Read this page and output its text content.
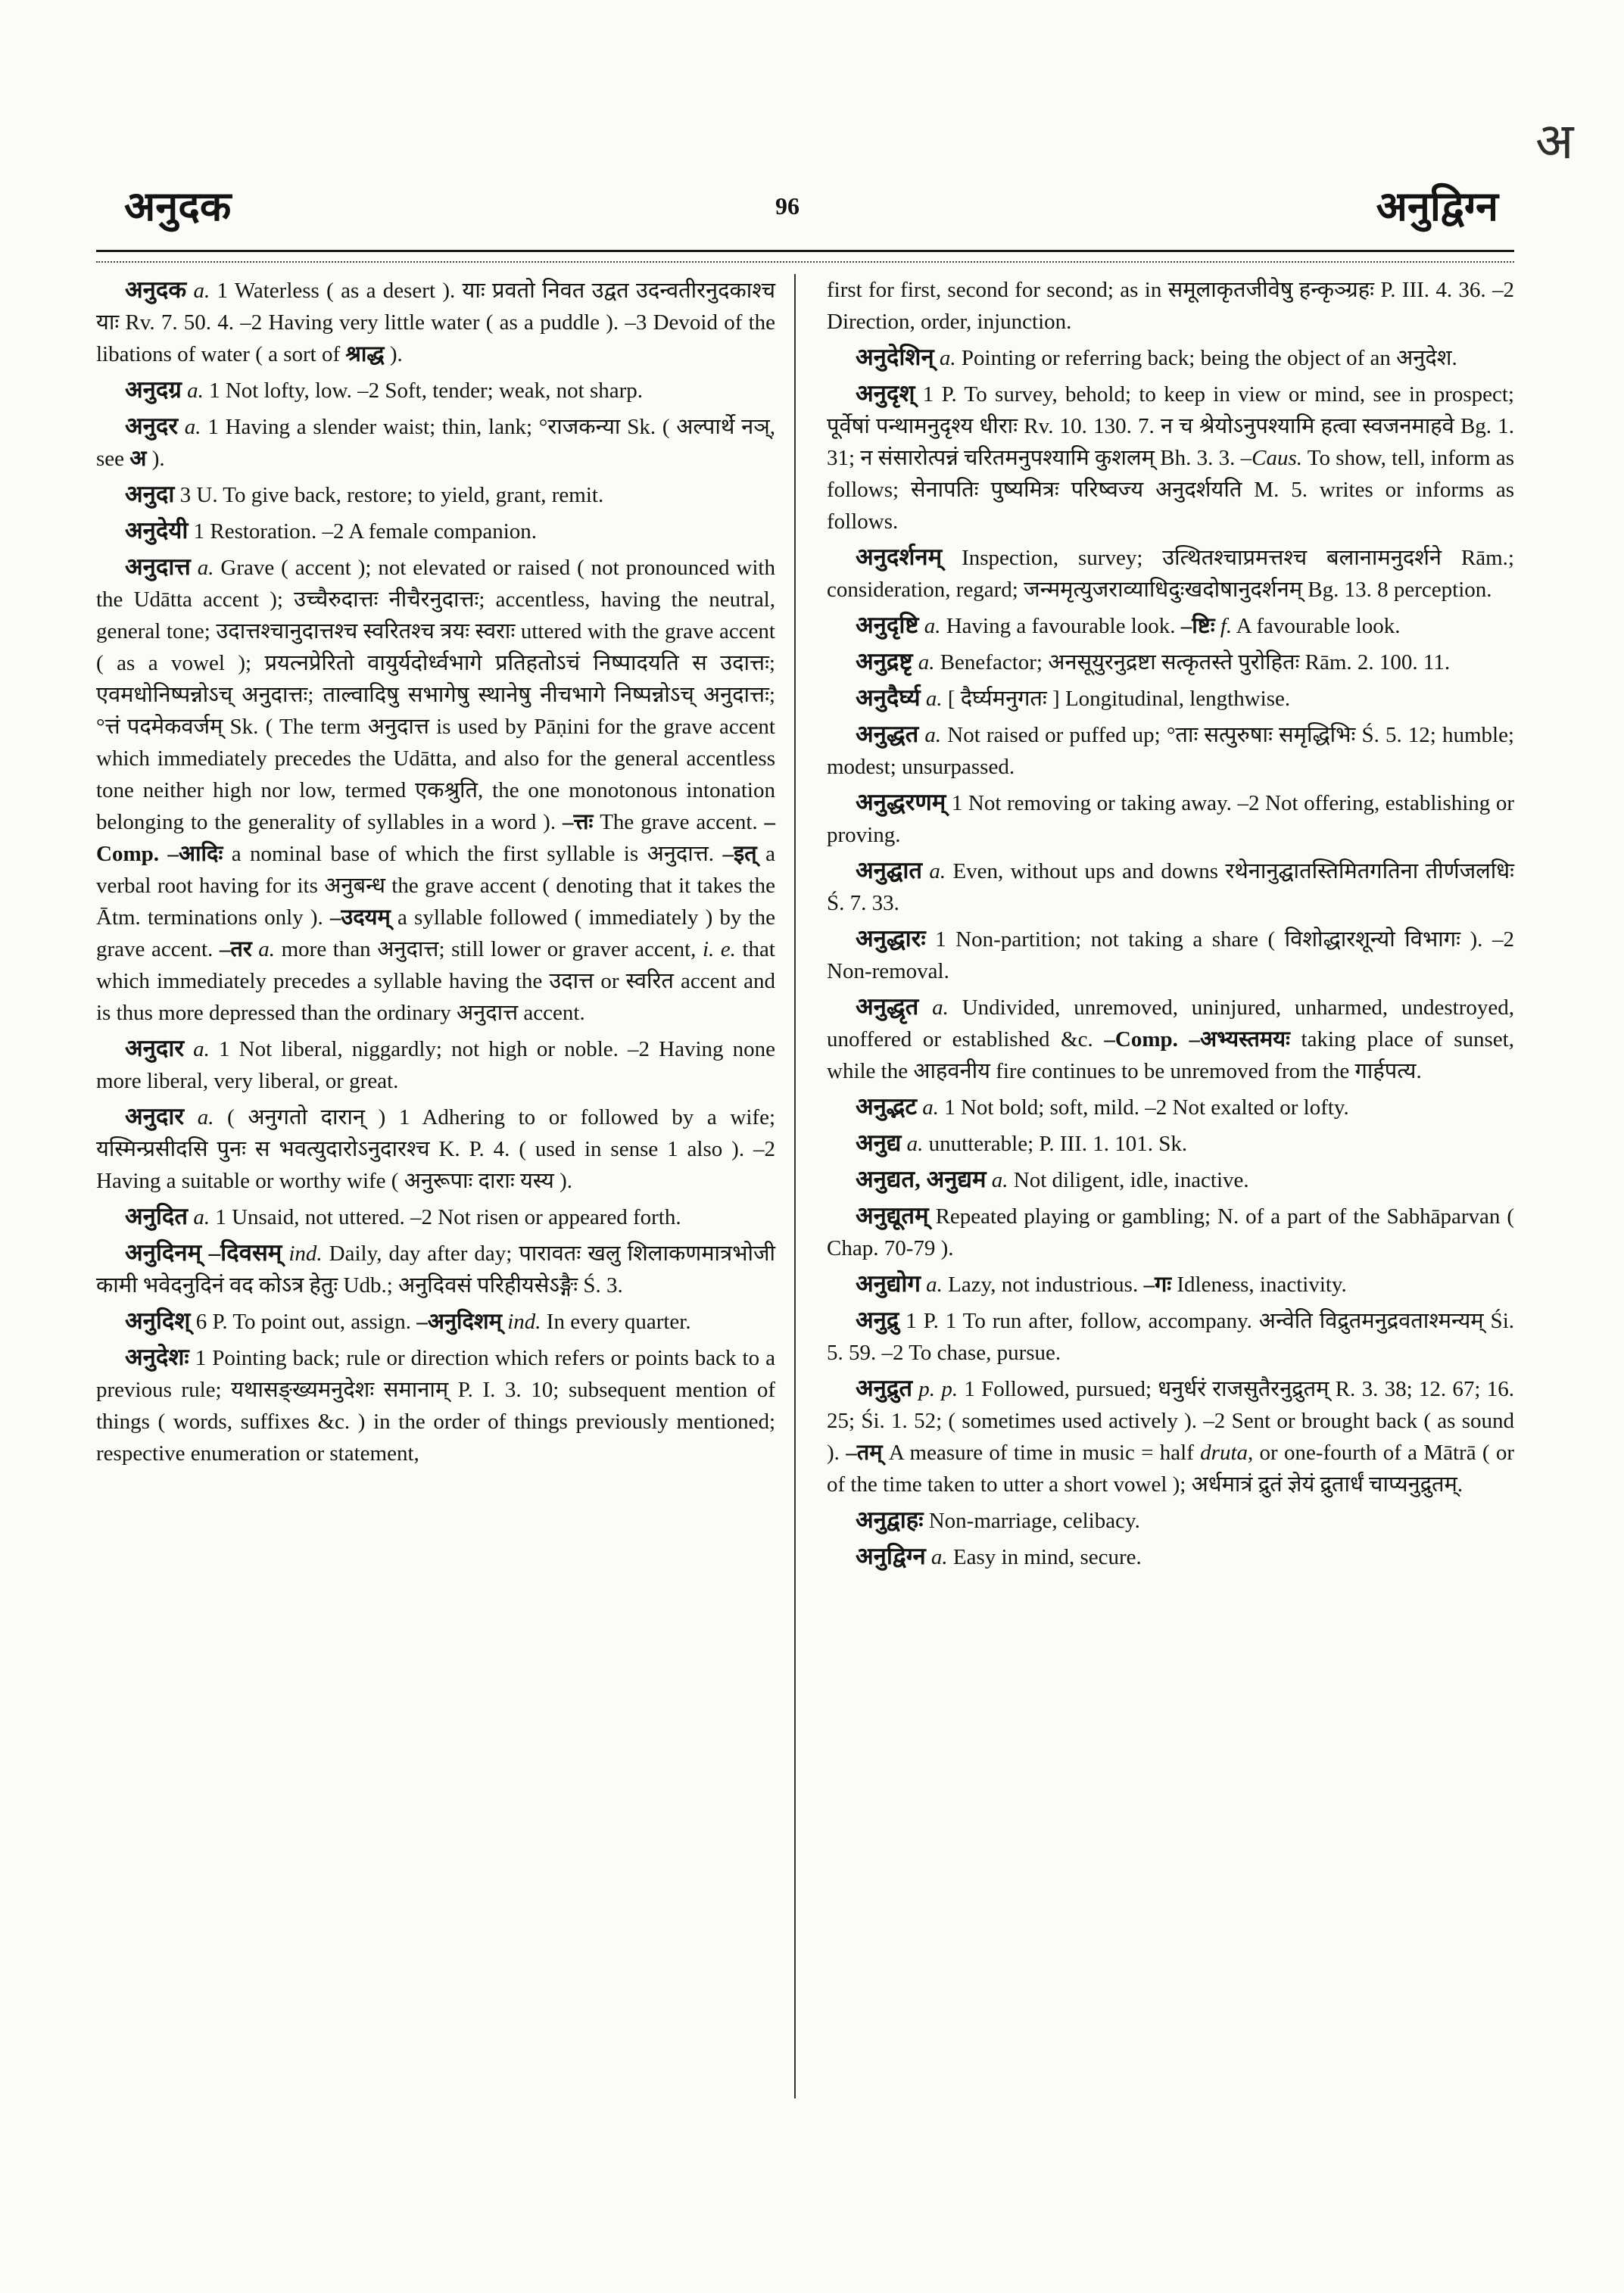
अ
अनुदक	96	अनुद्विग्न

अनुदक a. 1 Waterless ( as a desert ). याः प्रवतो निवत उद्वत उदन्वतीरनुदकाश्च याः Rv. 7. 50. 4. –2 Having very little water ( as a puddle ). –3 Devoid of the libations of water ( a sort of श्राद्ध ).

अनुदग्र a. 1 Not lofty, low. –2 Soft, tender; weak, not sharp.

अनुदर a. 1 Having a slender waist; thin, lank; °राजकन्या Sk. ( अल्पार्थे नञ्, see अ ).

अनुदा 3 U. To give back, restore; to yield, grant, remit.

अनुदेयी 1 Restoration. –2 A female companion.

अनुदात्त a. Grave ( accent ); not elevated or raised ( not pronounced with the Udātta accent ); उच्चैरुदात्तः नीचैरनुदात्तः; accentless, having the neutral, general tone; उदात्तश्चानुदात्तश्च स्वरितश्च त्रयः स्वराः uttered with the grave accent ( as a vowel ); प्रयत्नप्रेरितो वायुर्यदोर्ध्वभागे प्रतिहतोऽचं निष्पादयति स उदात्तः; एवमधोनिष्पन्नोऽच् अनुदात्तः; ताल्वादिषु सभागेषु स्थानेषु नीचभागे निष्पन्नोऽच् अनुदात्तः; °त्तं पदमेकवर्जम् Sk. ( The term अनुदात्त is used by Pāṇini for the grave accent which immediately precedes the Udātta, and also for the general accentless tone neither high nor low, termed एकश्रुति, the one monotonous intonation belonging to the generality of syllables in a word ). –त्तः The grave accent. –Comp. –आदिः a nominal base of which the first syllable is अनुदात्त. –इत् a verbal root having for its अनुबन्ध the grave accent ( denoting that it takes the Ātm. terminations only ). –उदयम् a syllable followed ( immediately ) by the grave accent. –तर a. more than अनुदात्त; still lower or graver accent, i. e. that which immediately precedes a syllable having the उदात्त or स्वरित accent and is thus more depressed than the ordinary अनुदात्त accent.

अनुदार a. 1 Not liberal, niggardly; not high or noble. –2 Having none more liberal, very liberal, or great.

अनुदार a. ( अनुगतो दारान् ) 1 Adhering to or followed by a wife; यस्मिन्प्रसीदसि पुनः स भवत्युदारोऽनुदारश्च K. P. 4. ( used in sense 1 also ). –2 Having a suitable or worthy wife ( अनुरूपाः दाराः यस्य ).

अनुदित a. 1 Unsaid, not uttered. –2 Not risen or appeared forth.

अनुदिनम् –दिवसम् ind. Daily, day after day; पारावतः खलु शिलाकणमात्रभोजी कामी भवेदनुदिनं वद कोऽत्र हेतुः Udb.; अनुदिवसं परिहीयसेऽङ्गैः Ś. 3.

अनुदिश् 6 P. To point out, assign. –अनुदिशम् ind. In every quarter.

अनुदेशः 1 Pointing back; rule or direction which refers or points back to a previous rule; यथासङ्ख्यमनुदेशः समानाम् P. I. 3. 10; subsequent mention of things ( words, suffixes &c. ) in the order of things previously mentioned; respective enumeration or statement,

first for first, second for second; as in समूलाकृतजीवेषु हन्कृञ्ग्रहः P. III. 4. 36. –2 Direction, order, injunction.

अनुदेशिन् a. Pointing or referring back; being the object of an अनुदेश.

अनुदृश् 1 P. To survey, behold; to keep in view or mind, see in prospect; पूर्वेषां पन्थामनुदृश्य धीराः Rv. 10. 130. 7. न च श्रेयोऽनुपश्यामि हत्वा स्वजनमाहवे Bg. 1. 31; न संसारोत्पन्नं चरितमनुपश्यामि कुशलम् Bh. 3. 3. –Caus. To show, tell, inform as follows; सेनापतिः पुष्यमित्रः परिष्वज्य अनुदर्शयति M. 5. writes or informs as follows.

अनुदर्शनम् Inspection, survey; उत्थितश्चाप्रमत्तश्च बलानामनुदर्शने Rām.; consideration, regard; जन्ममृत्युजराव्याधिदुःखदोषानुदर्शनम् Bg. 13. 8 perception.

अनुदृष्टि a. Having a favourable look. –ष्टिः f. A favourable look.

अनुद्रष्टृ a. Benefactor; अनसूयुरनुद्रष्टा सत्कृतस्ते पुरोहितः Rām. 2. 100. 11.

अनुदैर्घ्य a. [ दैर्घ्यमनुगतः ] Longitudinal, lengthwise.

अनुद्धत a. Not raised or puffed up; °ताः सत्पुरुषाः समृद्धिभिः Ś. 5. 12; humble; modest; unsurpassed.

अनुद्धरणम् 1 Not removing or taking away. –2 Not offering, establishing or proving.

अनुद्घात a. Even, without ups and downs रथेनानुद्घातस्तिमितगतिना तीर्णजलधिः Ś. 7. 33.

अनुद्धारः 1 Non-partition; not taking a share ( विशोद्धारशून्यो विभागः ). –2 Non-removal.

अनुद्धृत a. Undivided, unremoved, uninjured, unharmed, undestroyed, unoffered or established &c. –Comp. –अभ्यस्तमयः taking place of sunset, while the आहवनीय fire continues to be unremoved from the गार्हपत्य.

अनुद्भट a. 1 Not bold; soft, mild. –2 Not exalted or lofty.

अनुद्य a. unutterable; P. III. 1. 101. Sk.

अनुद्यत, अनुद्यम a. Not diligent, idle, inactive.

अनुद्यूतम् Repeated playing or gambling; N. of a part of the Sabhāparvan ( Chap. 70-79 ).

अनुद्योग a. Lazy, not industrious. –गः Idleness, inactivity.

अनुद्रु 1 P. 1 To run after, follow, accompany. अन्वेति विद्रुतमनुद्रवताश्मन्यम् Śi. 5. 59. –2 To chase, pursue.

अनुद्रुत p. p. 1 Followed, pursued; धनुर्धरं राजसुतैरनुद्रुतम् R. 3. 38; 12. 67; 16. 25; Śi. 1. 52; ( sometimes used actively ). –2 Sent or brought back ( as sound ). –तम् A measure of time in music = half druta, or one-fourth of a Mātrā ( or of the time taken to utter a short vowel ); अर्धमात्रं द्रुतं ज्ञेयं द्रुतार्धं चाप्यनुद्रुतम्.

अनुद्वाहः Non-marriage, celibacy.

अनुद्विग्न a. Easy in mind, secure.
